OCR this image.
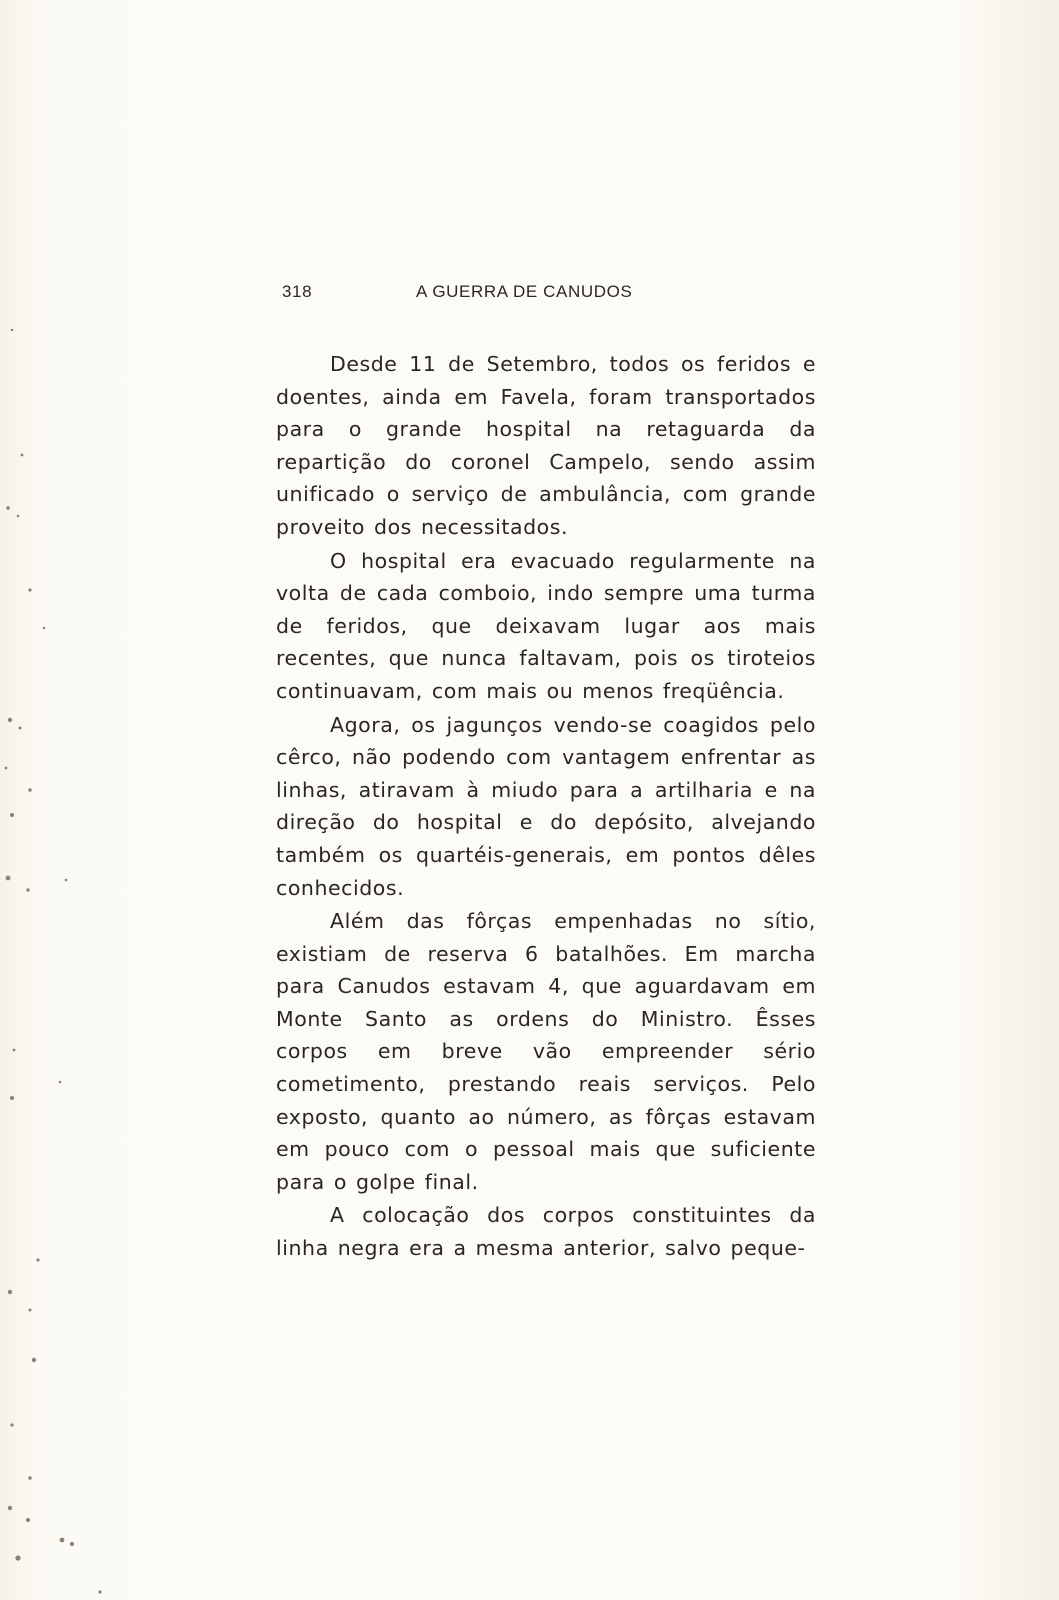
318	A GUERRA DE CANUDOS

Desde 11 de Setembro, todos os feridos e doentes, ainda em Favela, foram transportados para o grande hospital na retaguarda da repartição do coronel Campelo, sendo assim unificado o serviço de ambulância, com grande proveito dos necessitados.

O hospital era evacuado regularmente na volta de cada comboio, indo sempre uma turma de feridos, que deixavam lugar aos mais recentes, que nunca faltavam, pois os tiroteios continuavam, com mais ou menos freqüência.

Agora, os jagunços vendo-se coagidos pelo cêrco, não podendo com vantagem enfrentar as linhas, atiravam à miudo para a artilharia e na direção do hospital e do depósito, alvejando também os quartéis-generais, em pontos dêles conhecidos.

Além das fôrças empenhadas no sítio, existiam de reserva 6 batalhões. Em marcha para Canudos estavam 4, que aguardavam em Monte Santo as ordens do Ministro. Êsses corpos em breve vão empreender sério cometimento, prestando reais serviços. Pelo exposto, quanto ao número, as fôrças estavam em pouco com o pessoal mais que suficiente para o golpe final.

A colocação dos corpos constituintes da linha negra era a mesma anterior, salvo peque-
